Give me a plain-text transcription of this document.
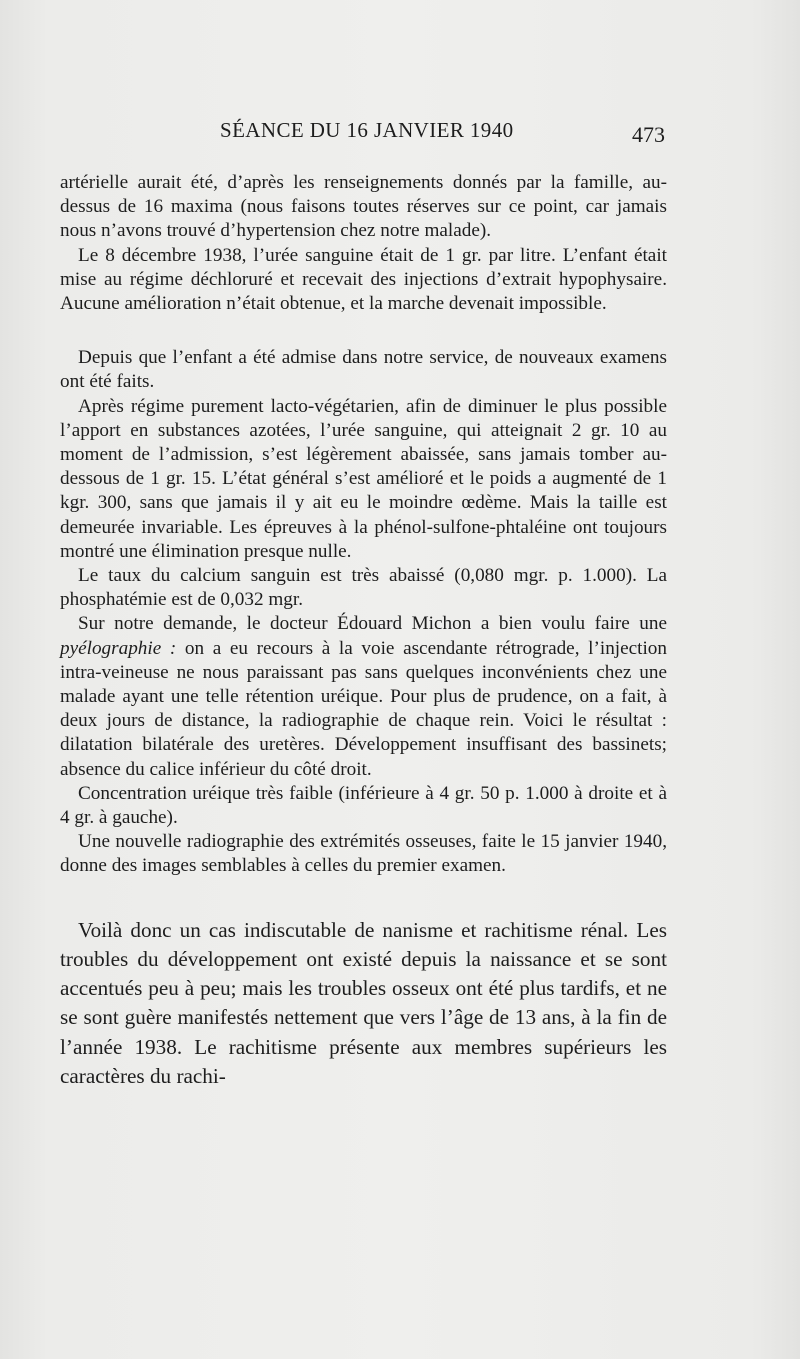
SÉANCE DU 16 JANVIER 1940	473

artérielle aurait été, d’après les renseignements donnés par la famille, au-dessus de 16 maxima (nous faisons toutes réserves sur ce point, car jamais nous n’avons trouvé d’hypertension chez notre malade).

Le 8 décembre 1938, l’urée sanguine était de 1 gr. par litre. L’enfant était mise au régime déchloruré et recevait des injections d’extrait hypophysaire. Aucune amélioration n’était obtenue, et la marche devenait impossible.

Depuis que l’enfant a été admise dans notre service, de nouveaux examens ont été faits.

Après régime purement lacto-végétarien, afin de diminuer le plus possible l’apport en substances azotées, l’urée sanguine, qui atteignait 2 gr. 10 au moment de l’admission, s’est légèrement abaissée, sans jamais tomber au-dessous de 1 gr. 15. L’état général s’est amélioré et le poids a augmenté de 1 kgr. 300, sans que jamais il y ait eu le moindre œdème. Mais la taille est demeurée invariable. Les épreuves à la phénol-sulfone-phtaléine ont toujours montré une élimination presque nulle.

Le taux du calcium sanguin est très abaissé (0,080 mgr. p. 1.000). La phosphatémie est de 0,032 mgr.

Sur notre demande, le docteur Édouard Michon a bien voulu faire une pyélographie : on a eu recours à la voie ascendante rétrograde, l’injection intra-veineuse ne nous paraissant pas sans quelques inconvénients chez une malade ayant une telle rétention uréique. Pour plus de prudence, on a fait, à deux jours de distance, la radiographie de chaque rein. Voici le résultat : dilatation bilatérale des uretères. Développement insuffisant des bassinets; absence du calice inférieur du côté droit.

Concentration uréique très faible (inférieure à 4 gr. 50 p. 1.000 à droite et à 4 gr. à gauche).

Une nouvelle radiographie des extrémités osseuses, faite le 15 janvier 1940, donne des images semblables à celles du premier examen.

Voilà donc un cas indiscutable de nanisme et rachitisme rénal. Les troubles du développement ont existé depuis la naissance et se sont accentués peu à peu; mais les troubles osseux ont été plus tardifs, et ne se sont guère manifestés nettement que vers l’âge de 13 ans, à la fin de l’année 1938. Le rachitisme présente aux membres supérieurs les caractères du rachi-
